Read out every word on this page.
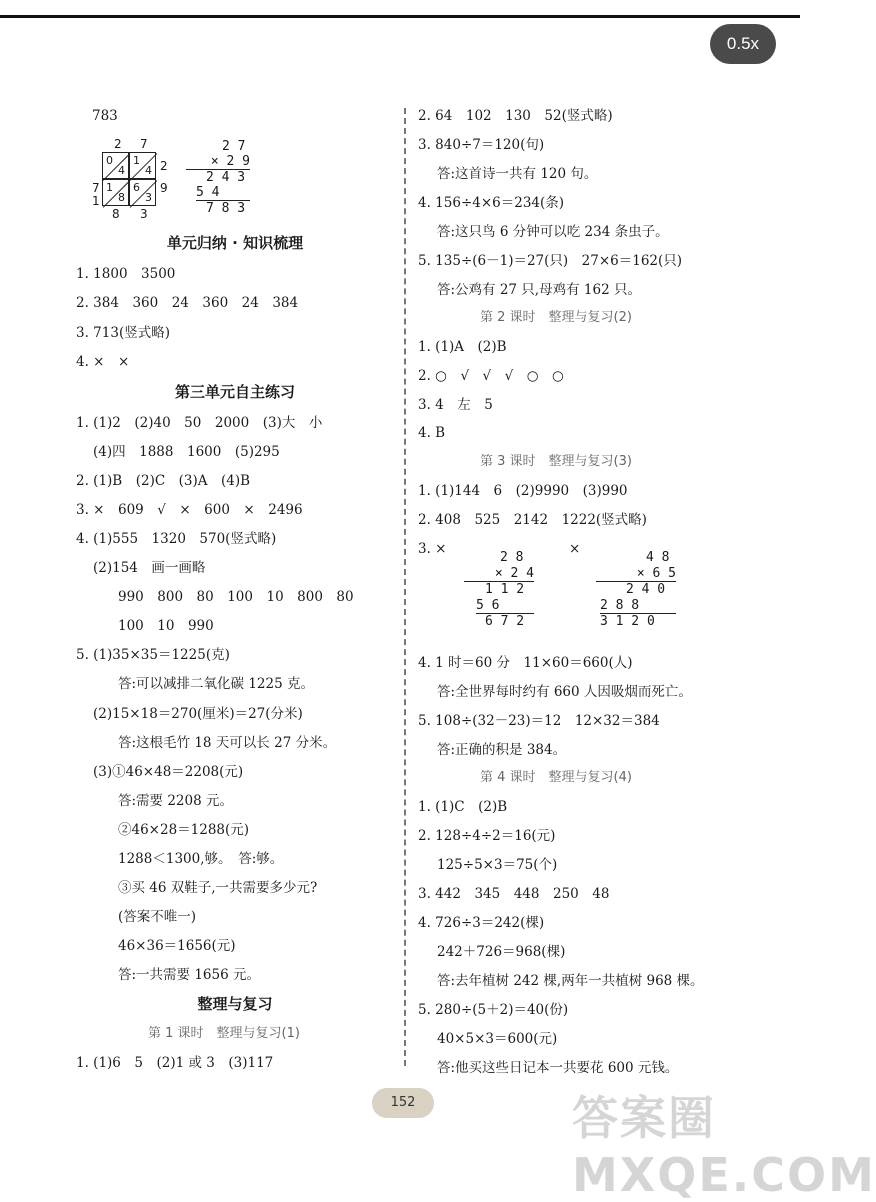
0.5x
783
2 7
2
9
7
1
8 3
0
4
1
4
1
8
6
3
2 7
× 2 9
2 4 3
5 4
7 8 3
单元归纳 · 知识梳理
1. 1800　3500
2. 384　360　24　360　24　384
3. 713(竖式略)
4. ×　×
第三单元自主练习
1. (1)2　(2)40　50　2000　(3)大　小
(4)四　1888　1600　(5)295
2. (1)B　(2)C　(3)A　(4)B
3. ×　609　√　×　600　×　2496
4. (1)555　1320　570(竖式略)
(2)154　画一画略
990　800　80　100　10　800　80
100　10　990
5. (1)35×35＝1225(克)
答:可以减排二氧化碳 1225 克。
(2)15×18＝270(厘米)＝27(分米)
答:这根毛竹 18 天可以长 27 分米。
(3)①46×48＝2208(元)
答:需要 2208 元。
②46×28＝1288(元)
1288＜1300,够。　答:够。
③买 46 双鞋子,一共需要多少元?
(答案不唯一)
46×36＝1656(元)
答:一共需要 1656 元。
整理与复习
第 1 课时　整理与复习(1)
1. (1)6　5　(2)1 或 3　(3)117
2. 64　102　130　52(竖式略)
3. 840÷7＝120(句)
答:这首诗一共有 120 句。
4. 156÷4×6＝234(条)
答:这只鸟 6 分钟可以吃 234 条虫子。
5. 135÷(6－1)＝27(只)　27×6＝162(只)
答:公鸡有 27 只,母鸡有 162 只。
第 2 课时　整理与复习(2)
1. (1)A　(2)B
2. ○　√　√　√　○　○
3. 4　左　5
4. B
第 3 课时　整理与复习(3)
1. (1)144　6　(2)9990　(3)990
2. 408　525　2142　1222(竖式略)
3. ×	×
2 8
× 2 4
1 1 2
5 6
6 7 2
4 8
× 6 5
2 4 0
2 8 8
3 1 2 0
4. 1 时＝60 分　11×60＝660(人)
答:全世界每时约有 660 人因吸烟而死亡。
5. 108÷(32－23)＝12　12×32＝384
答:正确的积是 384。
第 4 课时　整理与复习(4)
1. (1)C　(2)B
2. 128÷4÷2＝16(元)
125÷5×3＝75(个)
3. 442　345　448　250　48
4. 726÷3＝242(棵)
242＋726＝968(棵)
答:去年植树 242 棵,两年一共植树 968 棵。
5. 280÷(5＋2)＝40(份)
40×5×3＝600(元)
答:他买这些日记本一共要花 600 元钱。
152	答案圈 MXQE.COM
